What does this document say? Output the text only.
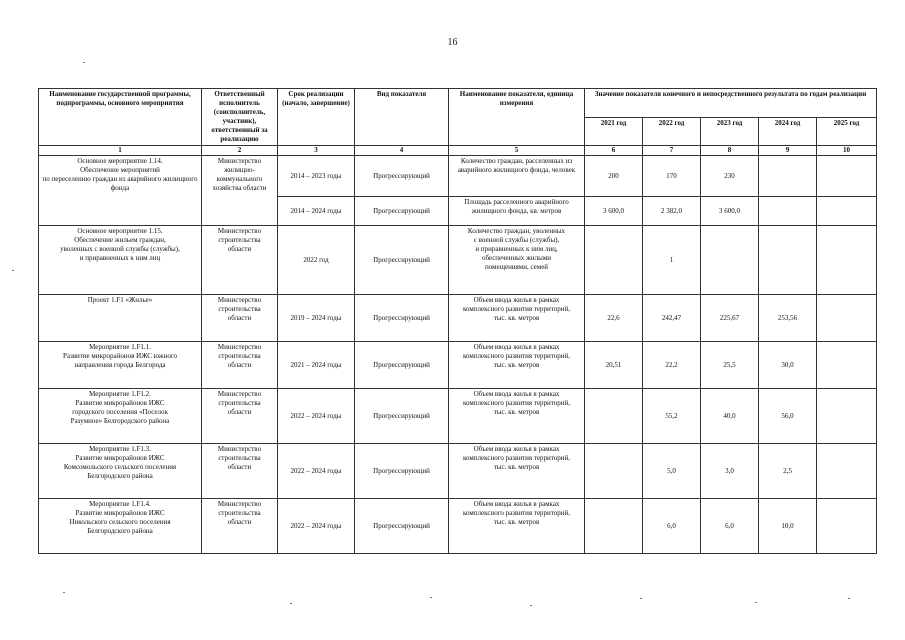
16
Наименование государственной программы, подпрограммы, основного мероприятия	Ответственный исполнитель (соисполнитель, участник), ответственный за реализацию	Срок реализации (начало, завершение)	Вид показателя	Наименование показателя, единица измерения	Значение показателя конечного и непосредственного результата по годам реализации				
					2021 год	2022 год	2023 год	2024 год	2025 год
1	2	3	4	5	6	7	8	9	10
Основное мероприятие 1.14.
Обеспечение мероприятий
по переселению граждан из аварийного жилищного фонда	Министерство
жилищно-
коммунального
хозяйства области	2014 – 2023 годы	Прогрессирующий	Количество граждан, расселенных из аварийного жилищного фонда, человек	200	170	230		
		2014 – 2024 годы	Прогрессирующий	Площадь расселенного аварийного жилищного фонда, кв. метров	3 600,0	2 382,0	3 600,0		
Основное мероприятие 1.15.
Обеспечение жильем граждан,
уволенных с военной службы (службы),
и приравненных к ним лиц	Министерство
строительства
области	2022 год	Прогрессирующий	Количество граждан, уволенных
с военной службы (службы),
и приравненных к ним лиц,
обеспеченных жилыми
помещениями, семей		1			
Проект 1.F1 «Жилье»	Министерство
строительства
области	2019 – 2024 годы	Прогрессирующий	Объем ввода жилья в рамках
комплексного развития территорий,
тыс. кв. метров	22,6	242,47	225,67	253,56	
Мероприятие 1.F1.1.
Развитие микрорайонов ИЖС южного
направления города Белгорода	Министерство
строительства
области	2021 – 2024 годы	Прогрессирующий	Объем ввода жилья в рамках
комплексного развития территорий,
тыс. кв. метров	20,51	22,2	25,5	30,0	
Мероприятие 1.F1.2.
Развитие микрорайонов ИЖС
городского поселения «Поселок
Разумное» Белгородского района	Министерство
строительства
области	2022 – 2024 годы	Прогрессирующий	Объем ввода жилья в рамках
комплексного развития территорий,
тыс. кв. метров		55,2	40,0	56,0	
Мероприятие 1.F1.3.
Развитие микрорайонов ИЖС
Комсомольского сельского поселения
Белгородского района	Министерство
строительства
области	2022 – 2024 годы	Прогрессирующий	Объем ввода жилья в рамках
комплексного развития территорий,
тыс. кв. метров		5,0	3,0	2,5	
Мероприятие 1.F1.4.
Развитие микрорайонов ИЖС
Никольского сельского поселения
Белгородского района	Министерство
строительства
области	2022 – 2024 годы	Прогрессирующий	Объем ввода жилья в рамках
комплексного развития территорий,
тыс. кв. метров		6,0	6,0	10,0	
